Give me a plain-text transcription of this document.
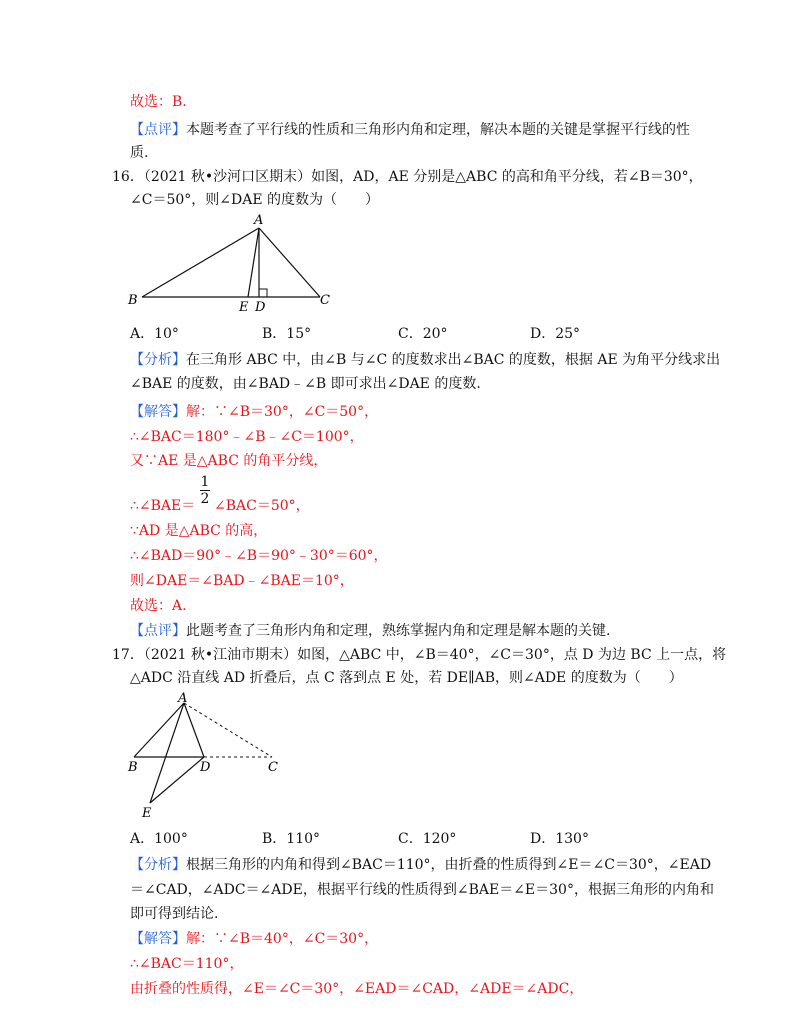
故选：B.
【点评】本题考查了平行线的性质和三角形内角和定理，解决本题的关键是掌握平行线的性
质.
16．（2021 秋•沙河口区期末）如图，AD，AE 分别是△ABC 的高和角平分线，若∠B＝30°，
∠C＝50°，则∠DAE 的度数为（　　）
A
B	E D	C
A．10°	B．15°	C．20°	D．25°
【分析】在三角形 ABC 中，由∠B 与∠C 的度数求出∠BAC 的度数，根据 AE 为角平分线求出
∠BAE 的度数，由∠BAD﹣∠B 即可求出∠DAE 的度数.
【解答】解：∵∠B＝30°，∠C＝50°，
∴∠BAC＝180°﹣∠B﹣∠C＝100°，
又∵AE 是△ABC 的角平分线，
1
2
∴∠BAE＝ ∠BAC＝50°，
∵AD 是△ABC 的高，
∴∠BAD＝90°﹣∠B＝90°﹣30°＝60°，
则∠DAE＝∠BAD﹣∠BAE＝10°，
故选：A.
【点评】此题考查了三角形内角和定理，熟练掌握内角和定理是解本题的关键.
17．（2021 秋•江油市期末）如图，△ABC 中，∠B＝40°，∠C＝30°，点 D 为边 BC 上一点，将
△ADC 沿直线 AD 折叠后，点 C 落到点 E 处，若 DE∥AB，则∠ADE 的度数为（　　）
A
B	D	C
E
A．100°	B．110°	C．120°	D．130°
【分析】根据三角形的内角和得到∠BAC＝110°，由折叠的性质得到∠E＝∠C＝30°，∠EAD
＝∠CAD，∠ADC＝∠ADE，根据平行线的性质得到∠BAE＝∠E＝30°，根据三角形的内角和
即可得到结论.
【解答】解：∵∠B＝40°，∠C＝30°，
∴∠BAC＝110°，
由折叠的性质得，∠E＝∠C＝30°，∠EAD＝∠CAD，∠ADE＝∠ADC，
